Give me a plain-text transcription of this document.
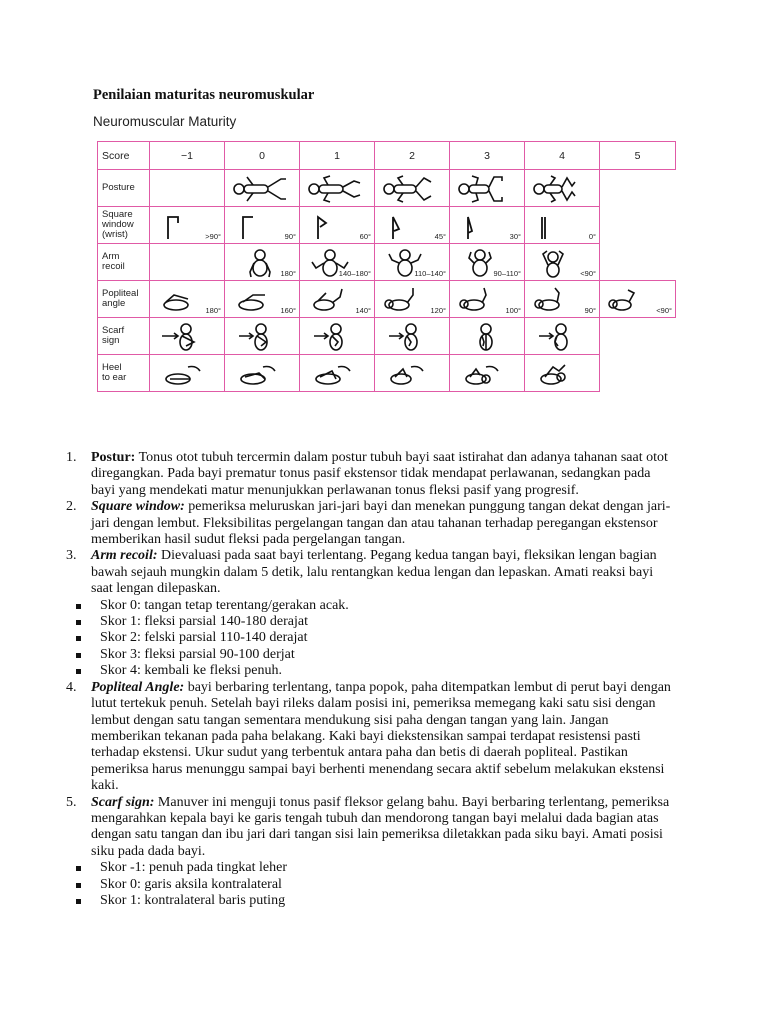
Penilaian maturitas neuromuskular
Neuromuscular Maturity
Score	−1	0	1	2	3	4	5
Posture		

Square
window
(wrist)	>90°	90°	60°	45°	30°	0°	

Arm
recoil		180°	140–180°	110–140°	90–110°	<90°	

Popliteal
angle	180°	160°	140°	120°	100°	90°	<90°

Scarf
sign	

Heel
to ear	

1. Postur: Tonus otot tubuh tercermin dalam postur tubuh bayi saat istirahat dan adanya tahanan saat otot diregangkan. Pada bayi prematur tonus pasif ekstensor tidak mendapat perlawanan, sedangkan pada bayi yang mendekati matur menunjukkan perlawanan tonus fleksi pasif yang progresif.

2. Square window: pemeriksa meluruskan jari-jari bayi dan menekan punggung tangan dekat dengan jari-jari dengan lembut. Fleksibilitas pergelangan tangan dan atau tahanan terhadap peregangan ekstensor memberikan hasil sudut fleksi pada pergelangan tangan.

3. Arm recoil: Dievaluasi pada saat bayi terlentang. Pegang kedua tangan bayi, fleksikan lengan bagian bawah sejauh mungkin dalam 5 detik, lalu rentangkan kedua lengan dan lepaskan. Amati reaksi bayi saat lengan dilepaskan.

Skor 0: tangan tetap terentang/gerakan acak.

Skor 1: fleksi parsial 140-180 derajat

Skor 2: felski parsial 110-140 derajat

Skor 3: fleksi parsial 90-100 derjat

Skor 4: kembali ke fleksi penuh.

4. Popliteal Angle: bayi berbaring terlentang, tanpa popok, paha ditempatkan lembut di perut bayi dengan lutut tertekuk penuh. Setelah bayi rileks dalam posisi ini, pemeriksa memegang kaki satu sisi dengan lembut dengan satu tangan sementara mendukung sisi paha dengan tangan yang lain. Jangan memberikan tekanan pada paha belakang. Kaki bayi diekstensikan sampai terdapat resistensi pasti terhadap ekstensi. Ukur sudut yang terbentuk antara paha dan betis di daerah popliteal. Pastikan pemeriksa harus menunggu sampai bayi berhenti menendang secara aktif sebelum melakukan ekstensi kaki.

5. Scarf sign: Manuver ini menguji tonus pasif fleksor gelang bahu. Bayi berbaring terlentang, pemeriksa mengarahkan kepala bayi ke garis tengah tubuh dan mendorong tangan bayi melalui dada bagian atas dengan satu tangan dan ibu jari dari tangan sisi lain pemeriksa diletakkan pada siku bayi. Amati posisi siku pada dada bayi.

Skor -1: penuh pada tingkat leher

Skor 0: garis aksila kontralateral

Skor 1: kontralateral baris puting
